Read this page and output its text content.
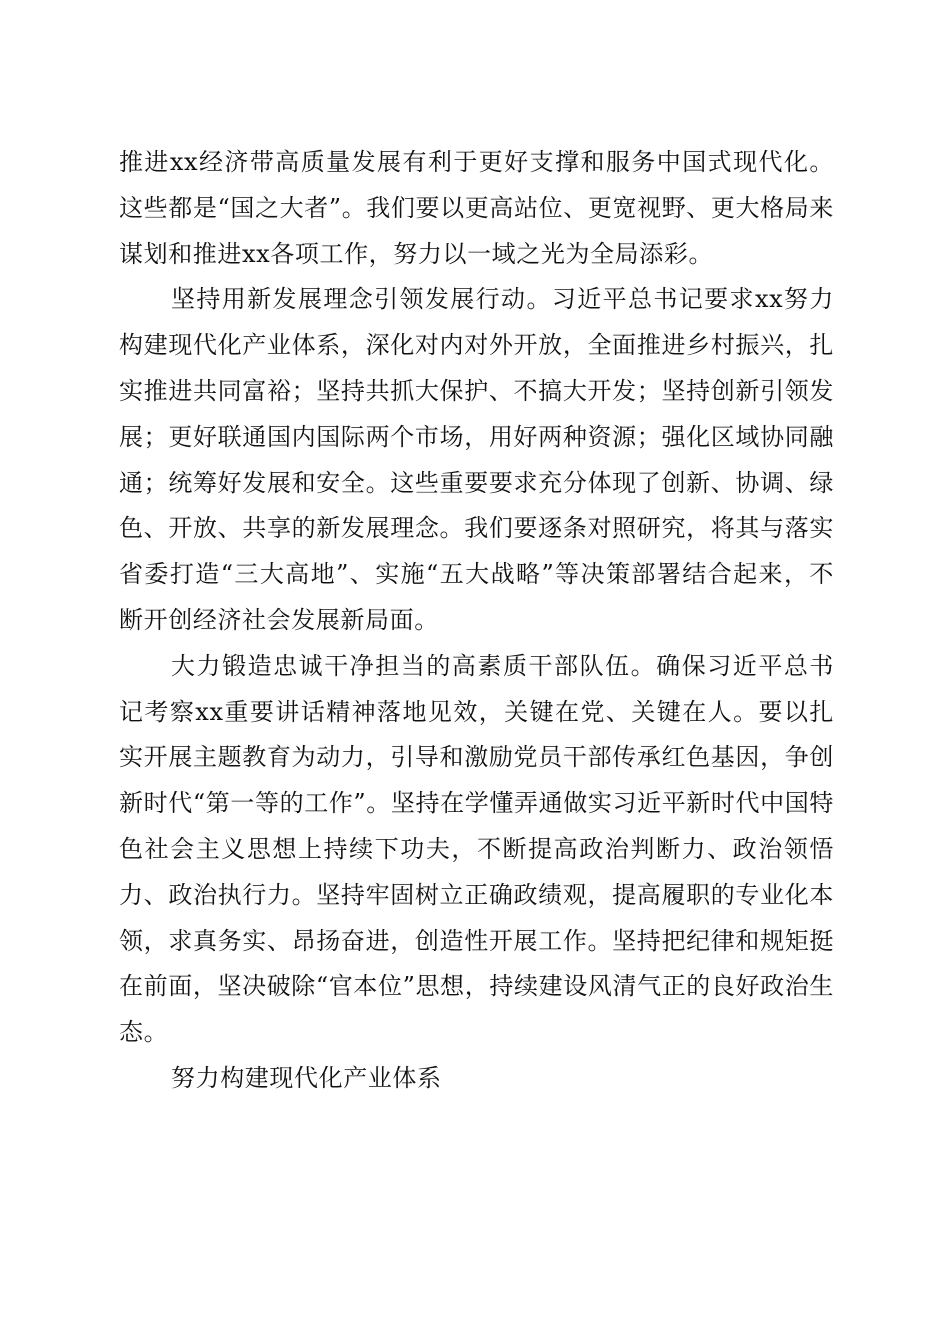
推进xx经济带高质量发展有利于更好支撑和服务中国式现代化。这些都是“国之大者”。我们要以更高站位、更宽视野、更大格局来谋划和推进xx各项工作，努力以一域之光为全局添彩。

坚持用新发展理念引领发展行动。习近平总书记要求xx努力构建现代化产业体系，深化对内对外开放，全面推进乡村振兴，扎实推进共同富裕；坚持共抓大保护、不搞大开发；坚持创新引领发展；更好联通国内国际两个市场，用好两种资源；强化区域协同融通；统筹好发展和安全。这些重要要求充分体现了创新、协调、绿色、开放、共享的新发展理念。我们要逐条对照研究，将其与落实省委打造“三大高地”、实施“五大战略”等决策部署结合起来，不断开创经济社会发展新局面。

大力锻造忠诚干净担当的高素质干部队伍。确保习近平总书记考察xx重要讲话精神落地见效，关键在党、关键在人。要以扎实开展主题教育为动力，引导和激励党员干部传承红色基因，争创新时代“第一等的工作”。坚持在学懂弄通做实习近平新时代中国特色社会主义思想上持续下功夫，不断提高政治判断力、政治领悟力、政治执行力。坚持牢固树立正确政绩观，提高履职的专业化本领，求真务实、昂扬奋进，创造性开展工作。坚持把纪律和规矩挺在前面，坚决破除“官本位”思想，持续建设风清气正的良好政治生态。

努力构建现代化产业体系
